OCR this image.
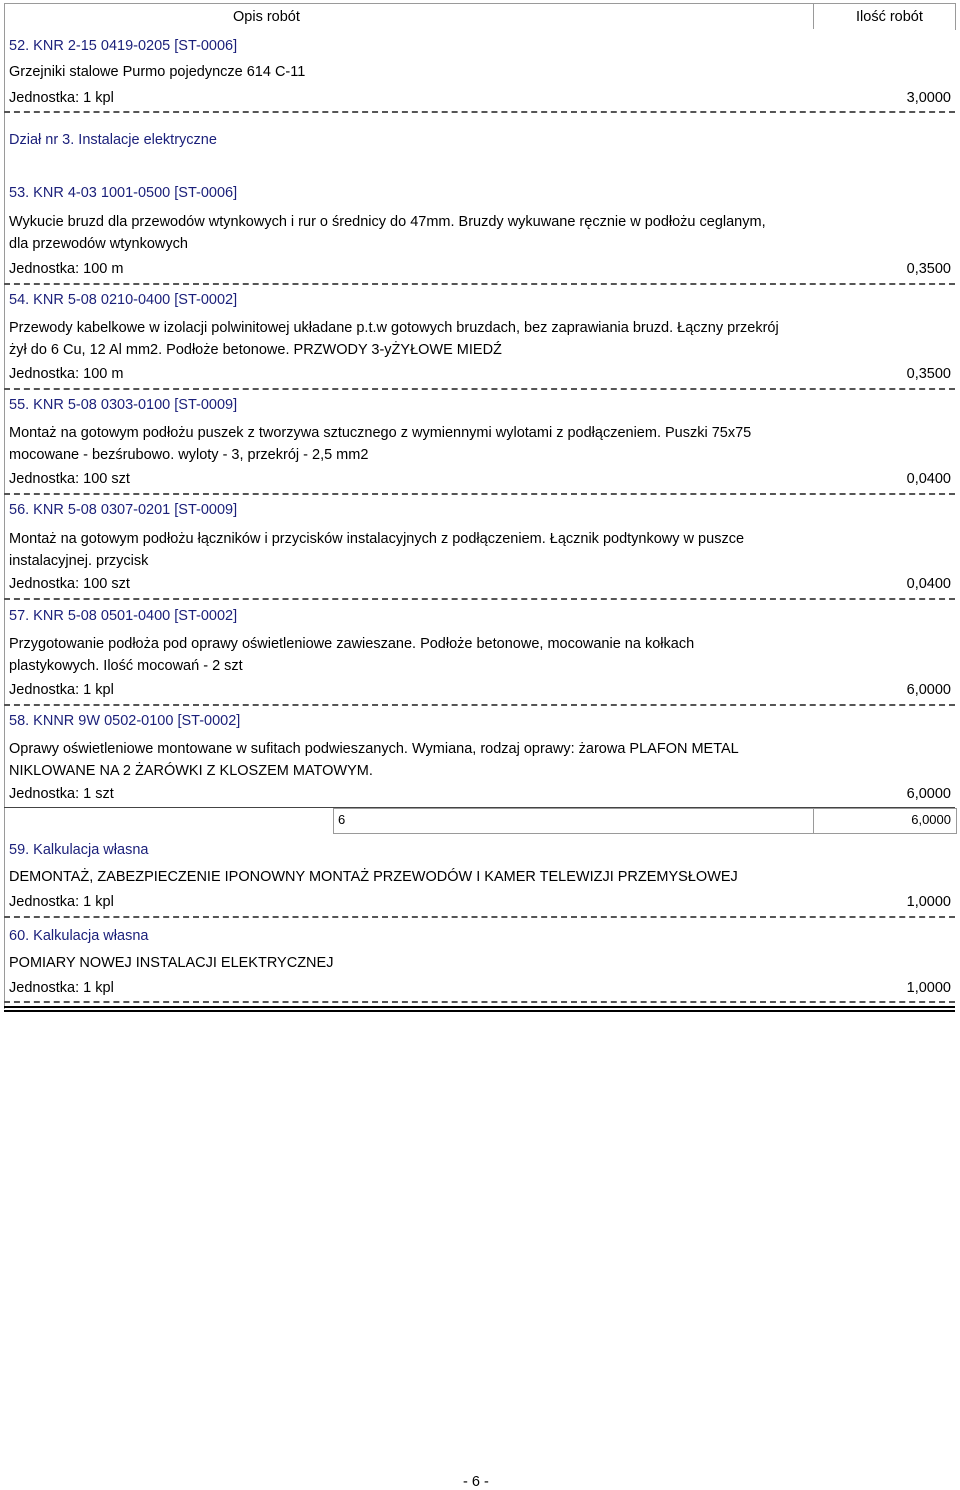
Opis robót	Ilość robót
52. KNR 2-15 0419-0205 [ST-0006]
Grzejniki stalowe Purmo pojedyncze 614 C-11
Jednostka: 1 kpl	3,0000
Dział nr 3. Instalacje elektryczne
53. KNR 4-03 1001-0500 [ST-0006]
Wykucie bruzd dla przewodów wtynkowych i rur o średnicy do 47mm. Bruzdy wykuwane ręcznie w podłożu ceglanym,
dla przewodów wtynkowych
Jednostka: 100 m	0,3500
54. KNR 5-08 0210-0400 [ST-0002]
Przewody kabelkowe w izolacji polwinitowej układane p.t.w gotowych bruzdach, bez zaprawiania bruzd. Łączny przekrój
żył do 6 Cu, 12 Al mm2. Podłoże betonowe. PRZWODY 3-yŻYŁOWE MIEDŹ
Jednostka: 100 m	0,3500
55. KNR 5-08 0303-0100 [ST-0009]
Montaż na gotowym podłożu puszek z tworzywa sztucznego z wymiennymi wylotami z podłączeniem. Puszki 75x75
mocowane - bezśrubowo. wyloty - 3, przekrój - 2,5 mm2
Jednostka: 100 szt	0,0400
56. KNR 5-08 0307-0201 [ST-0009]
Montaż na gotowym podłożu łączników i przycisków instalacyjnych z podłączeniem. Łącznik podtynkowy w puszce
instalacyjnej. przycisk
Jednostka: 100 szt	0,0400
57. KNR 5-08 0501-0400 [ST-0002]
Przygotowanie podłoża pod oprawy oświetleniowe zawieszane. Podłoże betonowe, mocowanie na kołkach
plastykowych. Ilość mocowań - 2 szt
Jednostka: 1 kpl	6,0000
58. KNNR 9W 0502-0100 [ST-0002]
Oprawy oświetleniowe montowane w sufitach podwieszanych. Wymiana, rodzaj oprawy: żarowa PLAFON METAL
NIKLOWANE NA 2 ŻARÓWKI Z KLOSZEM MATOWYM.
Jednostka: 1 szt	6,0000
6	6,0000
59. Kalkulacja własna
DEMONTAŻ, ZABEZPIECZENIE IPONOWNY MONTAŻ PRZEWODÓW I KAMER TELEWIZJI PRZEMYSŁOWEJ
Jednostka: 1 kpl	1,0000
60. Kalkulacja własna
POMIARY NOWEJ INSTALACJI ELEKTRYCZNEJ
Jednostka: 1 kpl	1,0000
- 6 -
